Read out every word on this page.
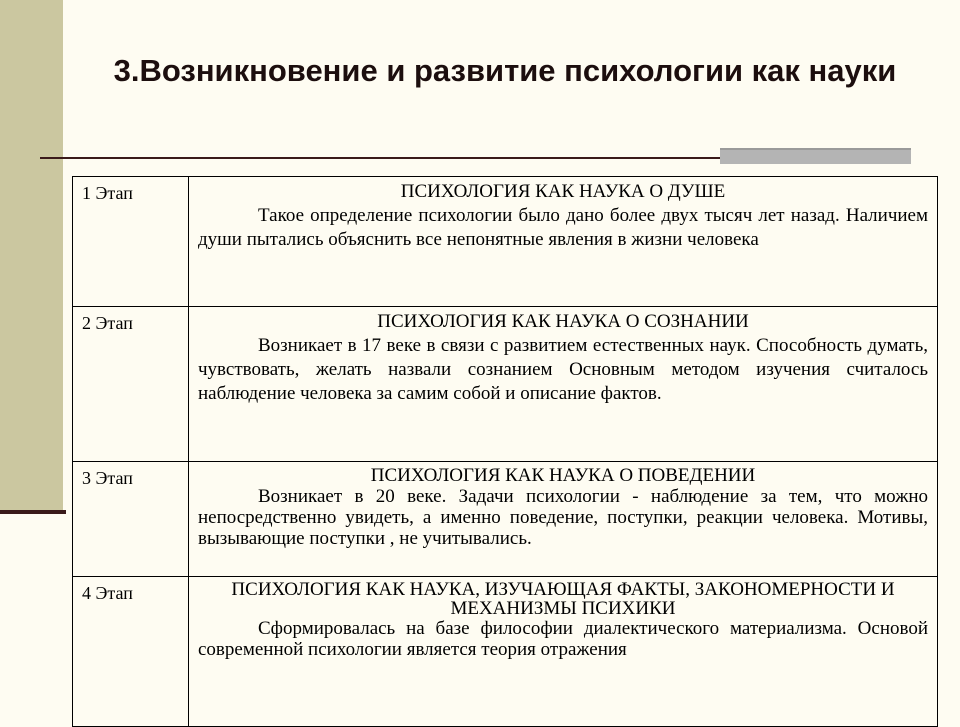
3.Возникновение и развитие психологии как науки
1 Этап	ПСИХОЛОГИЯ КАК НАУКА О ДУШЕ
Такое определение психологии было дано более двух тысяч лет назад. Наличием души пытались объяснить все непонятные явления в жизни человека

2 Этап	ПСИХОЛОГИЯ КАК НАУКА О СОЗНАНИИ
Возникает в 17 веке в связи с развитием естественных наук. Способность думать, чувствовать, желать назвали сознанием Основным методом изучения считалось наблюдение человека за самим собой и описание фактов.

3 Этап	ПСИХОЛОГИЯ КАК НАУКА О ПОВЕДЕНИИ
Возникает в 20 веке. Задачи психологии - наблюдение за тем, что можно непосредственно увидеть, а именно поведение, поступки, реакции человека. Мотивы, вызывающие поступки , не учитывались.

4 Этап	ПСИХОЛОГИЯ КАК НАУКА, ИЗУЧАЮЩАЯ ФАКТЫ, ЗАКОНОМЕРНОСТИ И МЕХАНИЗМЫ ПСИХИКИ
Сформировалась на базе философии диалектического материализма. Основой современной психологии является теория отражения
